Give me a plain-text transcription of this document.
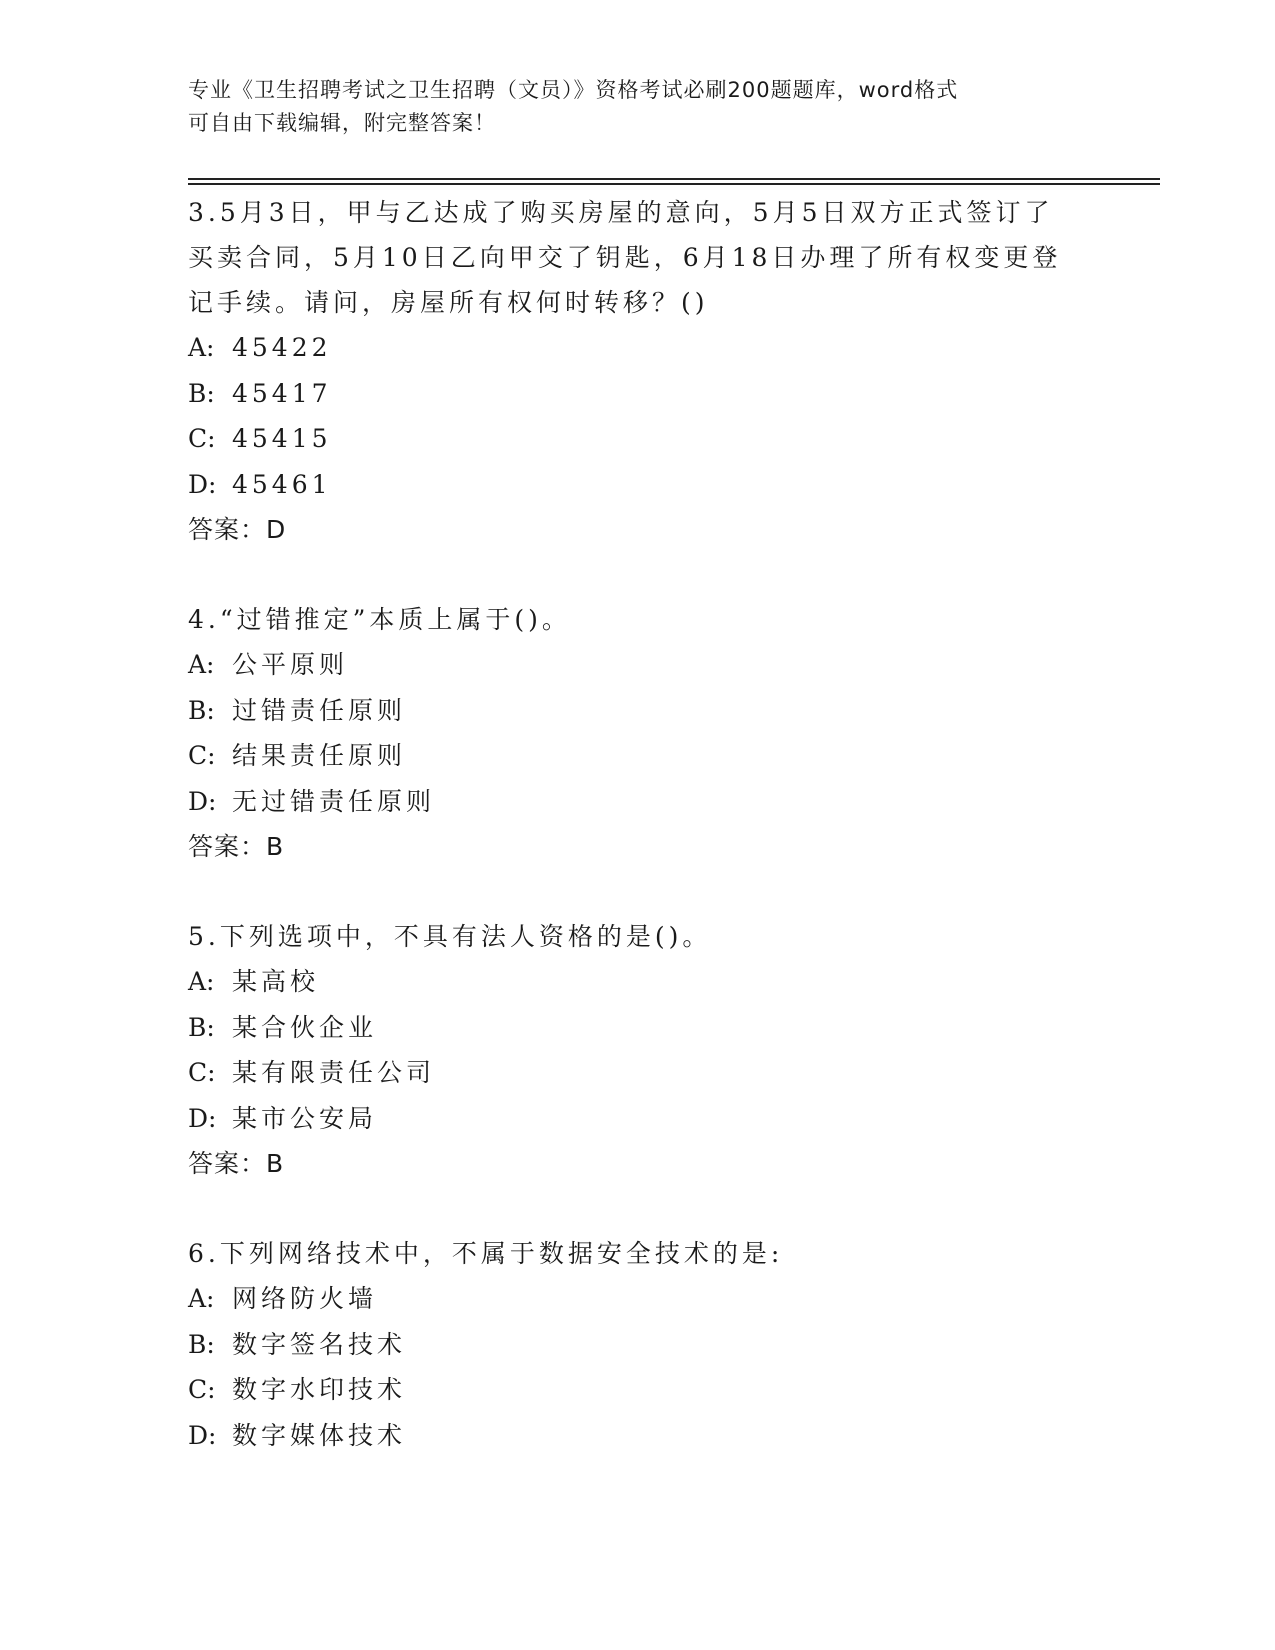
专业《卫生招聘考试之卫生招聘（文员）》资格考试必刷200题题库，word格式
可自由下载编辑，附完整答案！

3.5月3日，甲与乙达成了购买房屋的意向，5月5日双方正式签订了

买卖合同，5月10日乙向甲交了钥匙，6月18日办理了所有权变更登

记手续。请问，房屋所有权何时转移？()

A: 45422
B: 45417
C: 45415
D: 45461

答案：D

4.“过错推定”本质上属于()。

A: 公平原则
B: 过错责任原则
C: 结果责任原则
D: 无过错责任原则

答案：B

5.下列选项中，不具有法人资格的是()。

A: 某高校
B: 某合伙企业
C: 某有限责任公司
D: 某市公安局

答案：B

6.下列网络技术中，不属于数据安全技术的是:

A: 网络防火墙
B: 数字签名技术
C: 数字水印技术
D: 数字媒体技术
